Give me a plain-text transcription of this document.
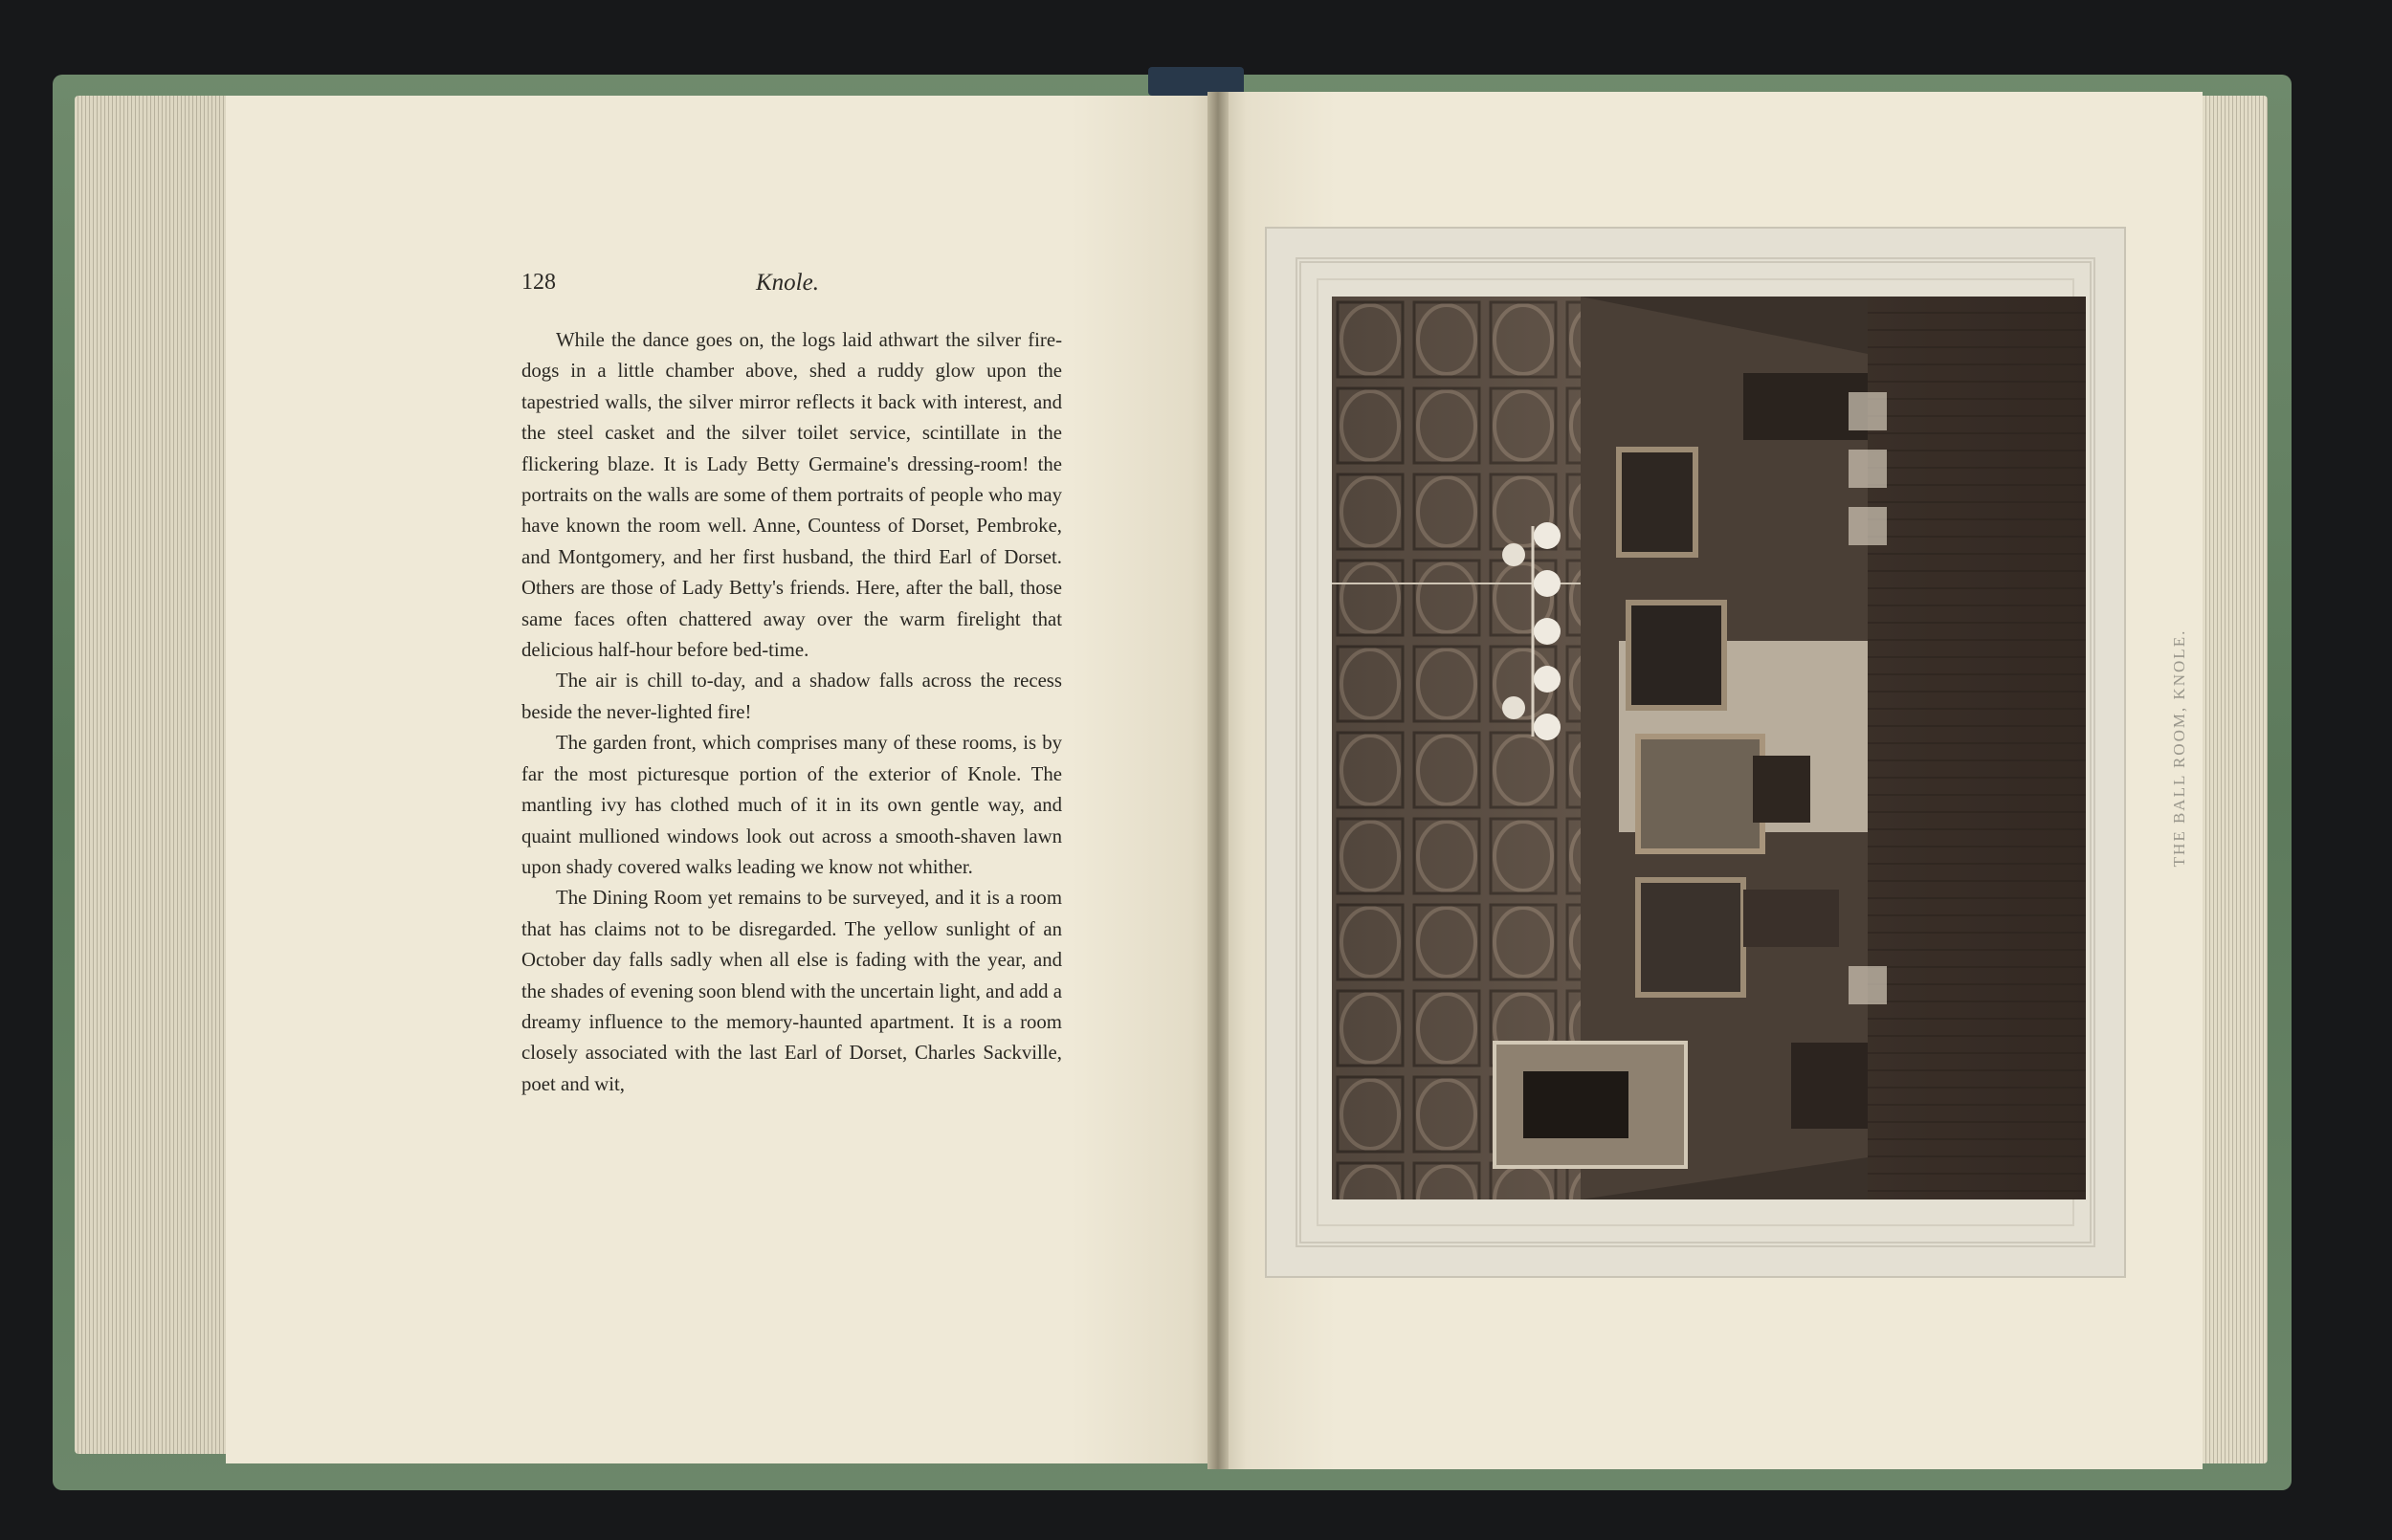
128	Knole.

While the dance goes on, the logs laid athwart the silver fire-dogs in a little chamber above, shed a ruddy glow upon the tapestried walls, the silver mirror reflects it back with interest, and the steel casket and the silver toilet service, scintillate in the flickering blaze. It is Lady Betty Germaine's dressing-room! the portraits on the walls are some of them portraits of people who may have known the room well. Anne, Countess of Dorset, Pembroke, and Montgomery, and her first husband, the third Earl of Dorset. Others are those of Lady Betty's friends. Here, after the ball, those same faces often chattered away over the warm firelight that delicious half-hour before bed-time.

The air is chill to-day, and a shadow falls across the recess beside the never-lighted fire!

The garden front, which comprises many of these rooms, is by far the most picturesque portion of the exterior of Knole. The mantling ivy has clothed much of it in its own gentle way, and quaint mullioned windows look out across a smooth-shaven lawn upon shady covered walks leading we know not whither.

The Dining Room yet remains to be surveyed, and it is a room that has claims not to be disregarded. The yellow sunlight of an October day falls sadly when all else is fading with the year, and the shades of evening soon blend with the uncertain light, and add a dreamy influence to the memory-haunted apartment. It is a room closely associated with the last Earl of Dorset, Charles Sackville, poet and wit,

THE BALL ROOM, KNOLE.
